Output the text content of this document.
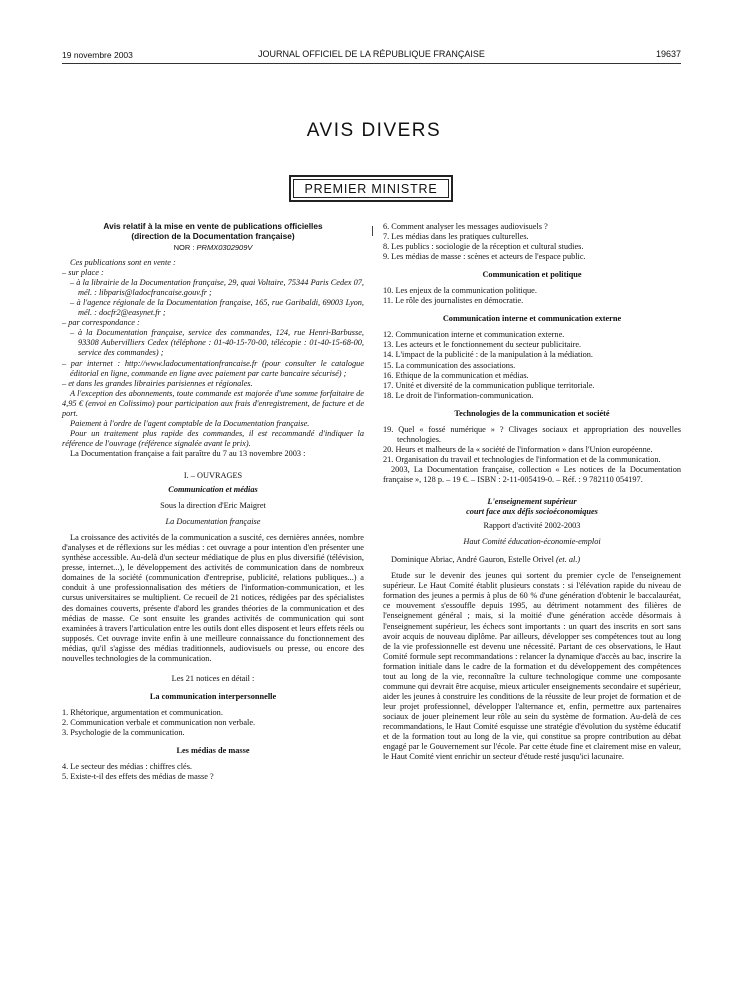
19 novembre 2003	JOURNAL OFFICIEL DE LA RÉPUBLIQUE FRANÇAISE	19637
AVIS DIVERS
PREMIER MINISTRE
Avis relatif à la mise en vente de publications officielles
(direction de la Documentation française)
NOR : PRMX0302909V
Ces publications sont en vente :
– sur place :
– à la librairie de la Documentation française, 29, quai Voltaire, 75344 Paris Cedex 07, mél. : libparis@ladocfrancaise.gouv.fr ;
– à l'agence régionale de la Documentation française, 165, rue Garibaldi, 69003 Lyon, mél. : docfr2@easynet.fr ;
– par correspondance :
– à la Documentation française, service des commandes, 124, rue Henri-Barbusse, 93308 Aubervilliers Cedex (téléphone : 01-40-15-70-00, télécopie : 01-40-15-68-00, service des commandes) ;
– par internet : http://www.ladocumentationfrancaise.fr (pour consulter le catalogue éditorial en ligne, commande en ligne avec paiement par carte bancaire sécurisé) ;
– et dans les grandes librairies parisiennes et régionales.
A l'exception des abonnements, toute commande est majorée d'une somme forfaitaire de 4,95 € (envoi en Colissimo) pour participation aux frais d'enregistrement, de facture et de port.
Paiement à l'ordre de l'agent comptable de la Documentation française.
Pour un traitement plus rapide des commandes, il est recommandé d'indiquer la référence de l'ouvrage (référence signalée avant le prix).
La Documentation française a fait paraître du 7 au 13 novembre 2003 :
I. – OUVRAGES
Communication et médias
Sous la direction d'Eric Maigret
La Documentation française
La croissance des activités de la communication a suscité, ces dernières années, nombre d'analyses et de réflexions sur les médias : cet ouvrage a pour intention d'en présenter une synthèse accessible. Au-delà d'un secteur médiatique de plus en plus diversifié (télévision, presse, internet...), le développement des activités de communication dans de nombreux domaines de la société (communication d'entreprise, publicité, relations publiques...) a conduit à une professionnalisation des métiers de l'information-communication, et les cursus universitaires se multiplient. Ce recueil de 21 notices, rédigées par des spécialistes des domaines couverts, présente d'abord les grandes théories de la communication et des médias de masse. Ce sont ensuite les grandes activités de communication qui sont examinées à travers l'articulation entre les outils dont elles disposent et leurs effets réels ou supposés. Cet ouvrage invite enfin à une meilleure connaissance du fonctionnement des médias, qu'il s'agisse des médias traditionnels, audiovisuels ou presse, ou encore des nouvelles technologies de la communication.
Les 21 notices en détail :
La communication interpersonnelle
1. Rhétorique, argumentation et communication.
2. Communication verbale et communication non verbale.
3. Psychologie de la communication.
Les médias de masse
4. Le secteur des médias : chiffres clés.
5. Existe-t-il des effets des médias de masse ?
6. Comment analyser les messages audiovisuels ?
7. Les médias dans les pratiques culturelles.
8. Les publics : sociologie de la réception et cultural studies.
9. Les médias de masse : scènes et acteurs de l'espace public.
Communication et politique
10. Les enjeux de la communication politique.
11. Le rôle des journalistes en démocratie.
Communication interne et communication externe
12. Communication interne et communication externe.
13. Les acteurs et le fonctionnement du secteur publicitaire.
14. L'impact de la publicité : de la manipulation à la médiation.
15. La communication des associations.
16. Ethique de la communication et médias.
17. Unité et diversité de la communication publique territoriale.
18. Le droit de l'information-communication.
Technologies de la communication et société
19. Quel « fossé numérique » ? Clivages sociaux et appropriation des nouvelles technologies.
20. Heurs et malheurs de la « société de l'information » dans l'Union européenne.
21. Organisation du travail et technologies de l'information et de la communication.
2003, La Documentation française, collection « Les notices de la Documentation française », 128 p. – 19 €. – ISBN : 2-11-005419-0. – Réf. : 9 782110 054197.
L'enseignement supérieur
court face aux défis socioéconomiques
Rapport d'activité 2002-2003
Haut Comité éducation-économie-emploi
Dominique Abriac, André Gauron, Estelle Orivel (et. al.)
Etude sur le devenir des jeunes qui sortent du premier cycle de l'enseignement supérieur. Le Haut Comité établit plusieurs constats : si l'élévation rapide du niveau de formation des jeunes a permis à plus de 60 % d'une génération d'obtenir le baccalauréat, ce mouvement s'essouffle depuis 1995, au détriment notamment des filières de l'enseignement général ; mais, si la moitié d'une génération accède désormais à l'enseignement supérieur, les échecs sont importants : un quart des inscrits en sort sans avoir acquis de nouveau diplôme. Par ailleurs, développer ses compétences tout au long de la vie professionnelle est devenu une nécessité. Partant de ces observations, le Haut Comité formule sept recommandations : relancer la dynamique d'accès au bac, inscrire la formation initiale dans le cadre de la formation et du développement des compétences tout au long de la vie, reconnaître la culture technologique comme une composante commune qui devrait être acquise, mieux articuler enseignements secondaire et supérieur, aider les jeunes à construire les conditions de la réussite de leur projet de formation et de leur projet professionnel, développer l'alternance et, enfin, permettre aux partenaires sociaux de jouer pleinement leur rôle au sein du système de formation. Au-delà de ces recommandations, le Haut Comité esquisse une stratégie d'évolution du système éducatif et de la formation tout au long de la vie, qui constitue sa propre contribution au débat engagé par le Gouvernement sur l'école. Par cette étude fine et clairement mise en valeur, le Haut Comité vient enrichir un secteur d'étude resté jusqu'ici lacunaire.
